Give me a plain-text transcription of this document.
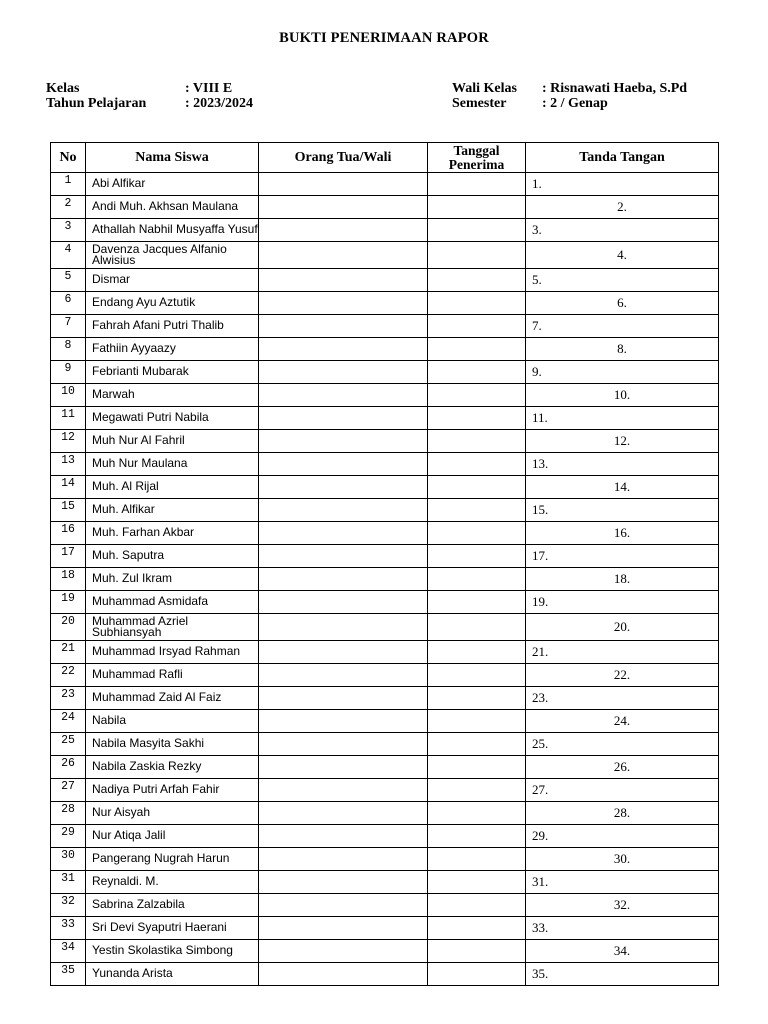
BUKTI PENERIMAAN RAPOR
Kelas	: VIII E
Tahun Pelajaran	: 2023/2024
Wali Kelas : Risnawati Haeba, S.Pd
Semester	: 2 / Genap
No	Nama Siswa	Orang Tua/Wali	Tanggal Penerima	Tanda Tangan
1	Abi Alfikar			1.
2	Andi Muh. Akhsan Maulana			2.
3	Athallah Nabhil Musyaffa Yusuf			3.
4	Davenza Jacques Alfanio Alwisius			4.
5	Dismar			5.
6	Endang Ayu Aztutik			6.
7	Fahrah Afani Putri Thalib			7.
8	Fathiin Ayyaazy			8.
9	Febrianti Mubarak			9.
10	Marwah			10.
11	Megawati Putri Nabila			11.
12	Muh Nur Al Fahril			12.
13	Muh Nur Maulana			13.
14	Muh. Al Rijal			14.
15	Muh. Alfikar			15.
16	Muh. Farhan Akbar			16.
17	Muh. Saputra			17.
18	Muh. Zul Ikram			18.
19	Muhammad Asmidafa			19.
20	Muhammad Azriel Subhiansyah			20.
21	Muhammad Irsyad Rahman			21.
22	Muhammad Rafli			22.
23	Muhammad Zaid Al Faiz			23.
24	Nabila			24.
25	Nabila Masyita Sakhi			25.
26	Nabila Zaskia Rezky			26.
27	Nadiya Putri Arfah Fahir			27.
28	Nur Aisyah			28.
29	Nur Atiqa Jalil			29.
30	Pangerang Nugrah Harun			30.
31	Reynaldi. M.			31.
32	Sabrina Zalzabila			32.
33	Sri Devi Syaputri Haerani			33.
34	Yestin Skolastika Simbong			34.
35	Yunanda Arista			35.
